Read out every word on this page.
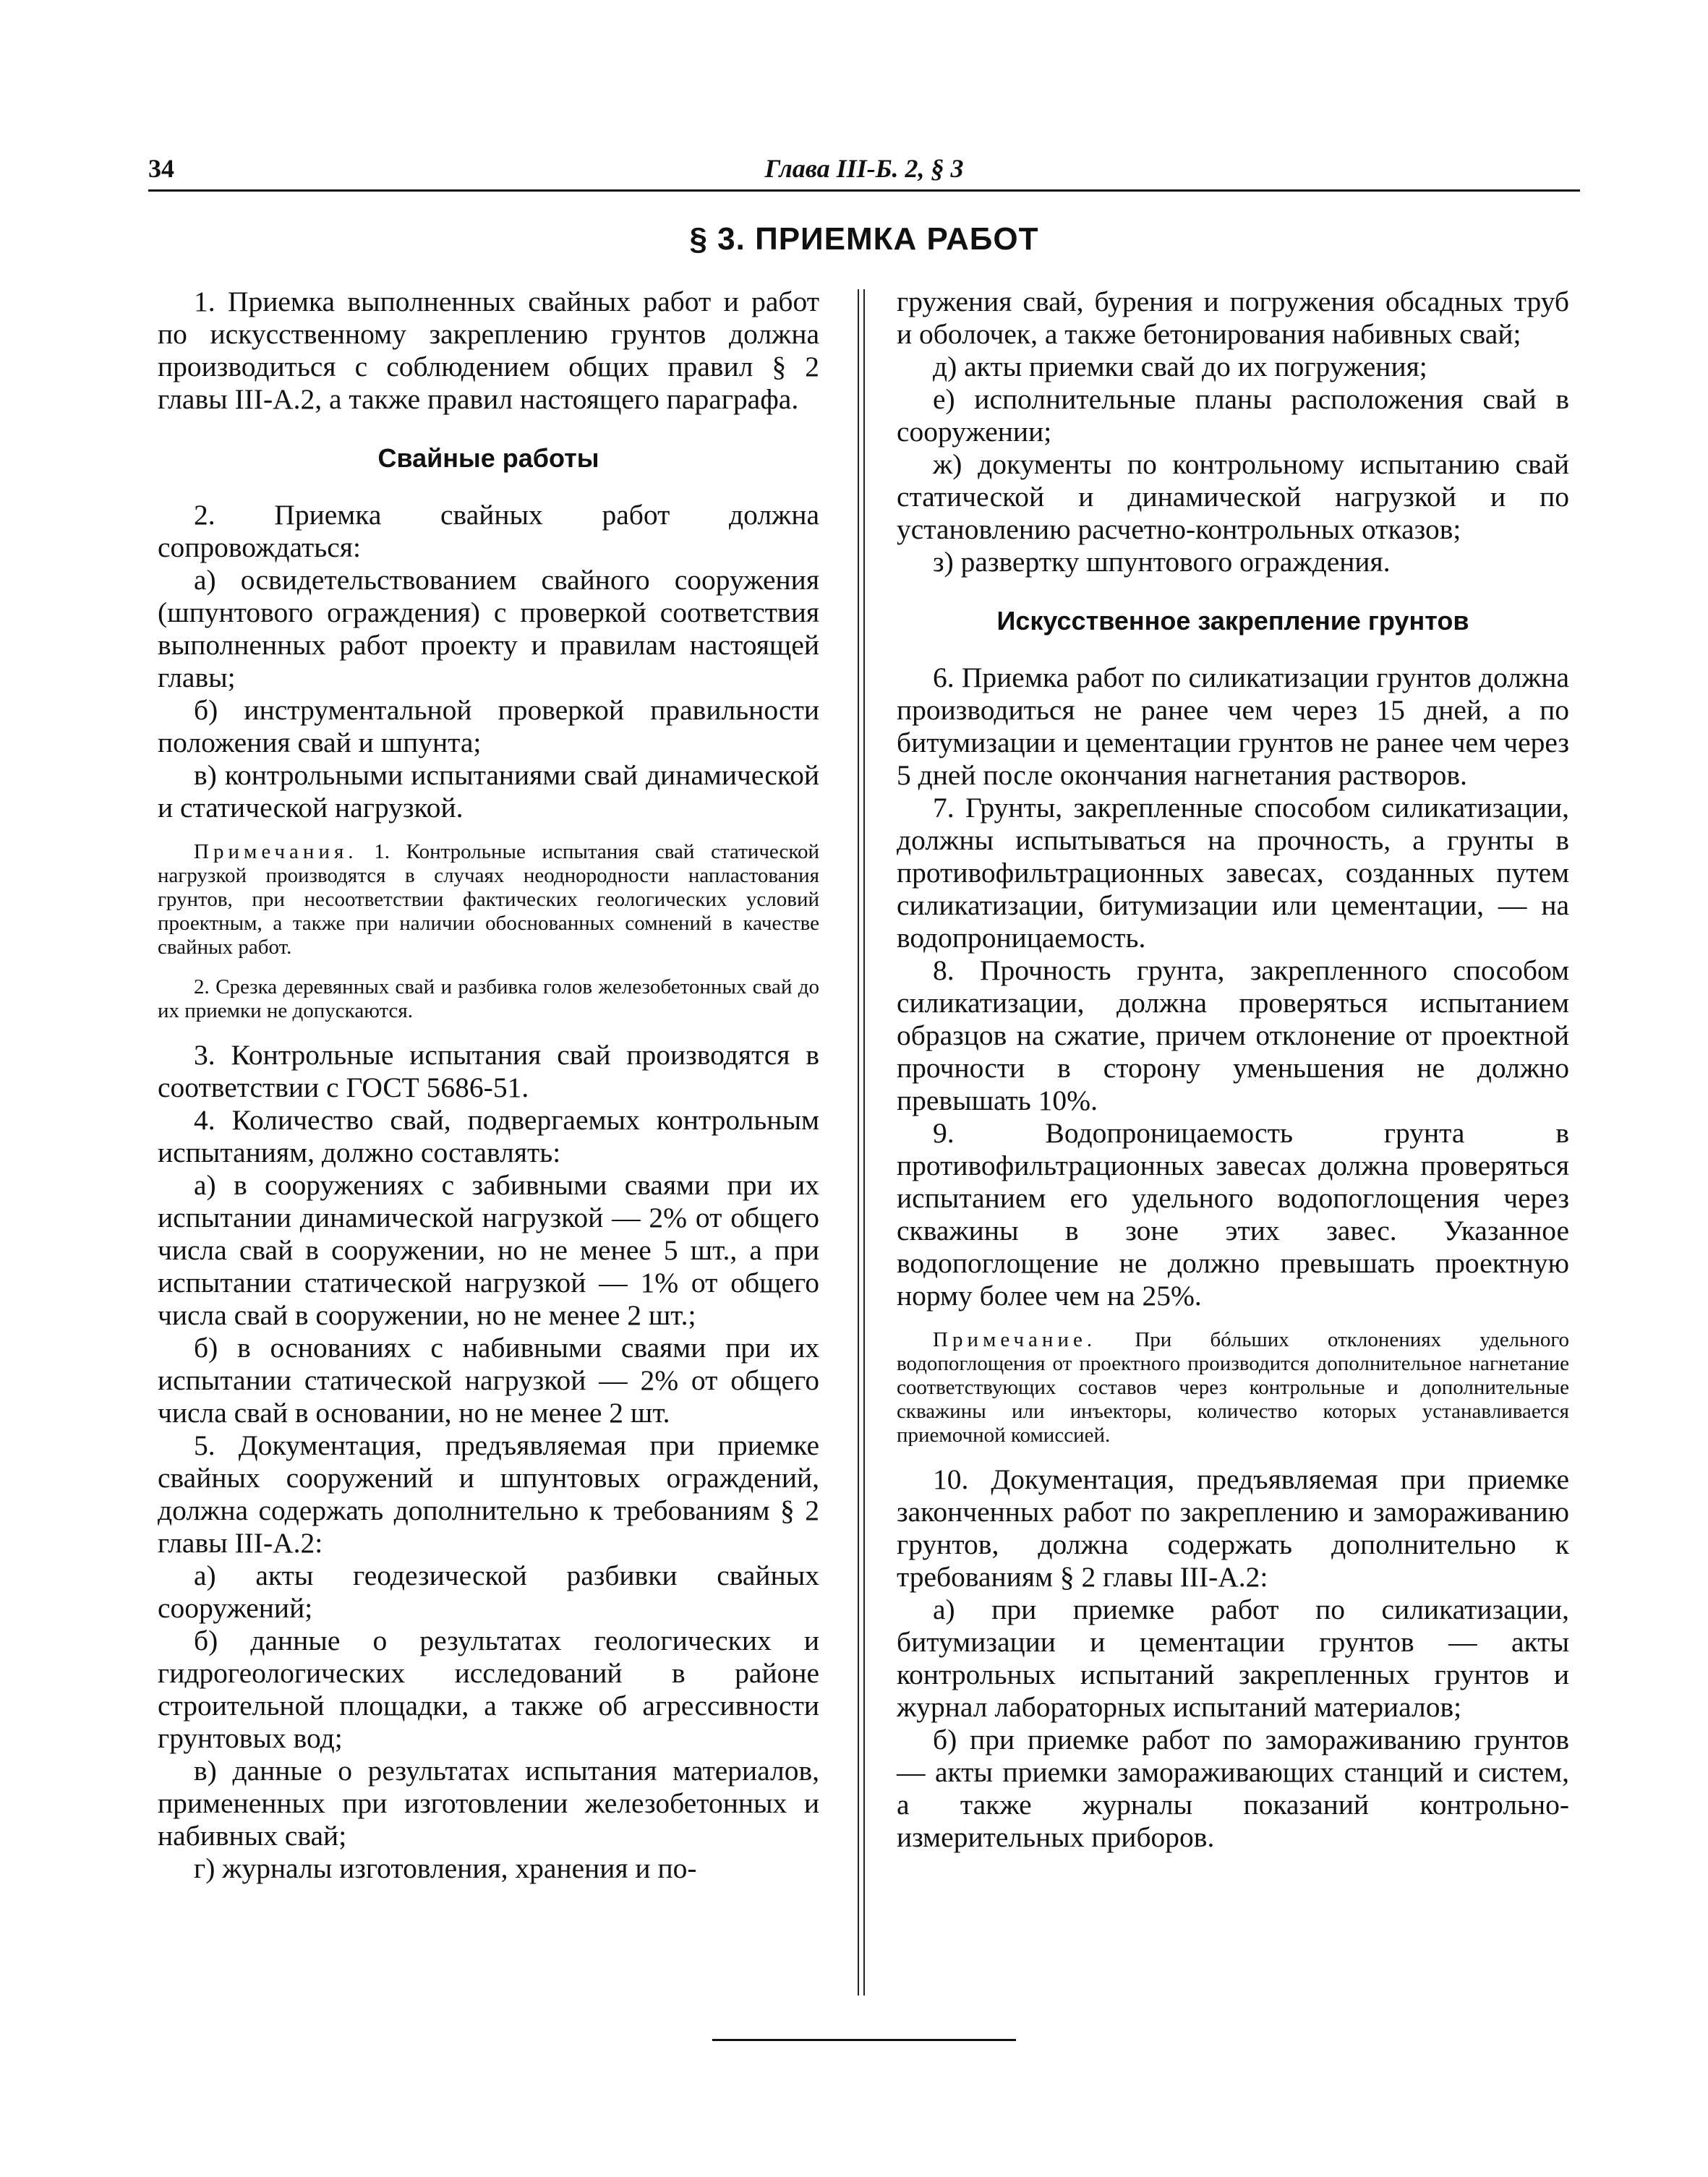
34	Глава III-Б. 2, § 3
§ 3. ПРИЕМКА РАБОТ

1. Приемка выполненных свайных работ и работ по искусственному закреплению грунтов должна производиться с соблюдением общих правил § 2 главы III-А.2, а также правил настоящего параграфа.

Свайные работы

2. Приемка свайных работ должна сопровождаться:

а) освидетельствованием свайного сооружения (шпунтового ограждения) с проверкой соответствия выполненных работ проекту и правилам настоящей главы;

б) инструментальной проверкой правильности положения свай и шпунта;

в) контрольными испытаниями свай динамической и статической нагрузкой.

Примечания. 1. Контрольные испытания свай статической нагрузкой производятся в случаях неоднородности напластования грунтов, при несоответствии фактических геологических условий проектным, а также при наличии обоснованных сомнений в качестве свайных работ.

2. Срезка деревянных свай и разбивка голов железобетонных свай до их приемки не допускаются.

3. Контрольные испытания свай производятся в соответствии с ГОСТ 5686-51.

4. Количество свай, подвергаемых контрольным испытаниям, должно составлять:

а) в сооружениях с забивными сваями при их испытании динамической нагрузкой — 2% от общего числа свай в сооружении, но не менее 5 шт., а при испытании статической нагрузкой — 1% от общего числа свай в сооружении, но не менее 2 шт.;

б) в основаниях с набивными сваями при их испытании статической нагрузкой — 2% от общего числа свай в основании, но не менее 2 шт.

5. Документация, предъявляемая при приемке свайных сооружений и шпунтовых ограждений, должна содержать дополнительно к требованиям § 2 главы III-А.2:

а) акты геодезической разбивки свайных сооружений;

б) данные о результатах геологических и гидрогеологических исследований в районе строительной площадки, а также об агрессивности грунтовых вод;

в) данные о результатах испытания материалов, примененных при изготовлении железобетонных и набивных свай;

г) журналы изготовления, хранения и по-

гружения свай, бурения и погружения обсадных труб и оболочек, а также бетонирования набивных свай;

д) акты приемки свай до их погружения;

е) исполнительные планы расположения свай в сооружении;

ж) документы по контрольному испытанию свай статической и динамической нагрузкой и по установлению расчетно-контрольных отказов;

з) развертку шпунтового ограждения.

Искусственное закрепление грунтов

6. Приемка работ по силикатизации грунтов должна производиться не ранее чем через 15 дней, а по битумизации и цементации грунтов не ранее чем через 5 дней после окончания нагнетания растворов.

7. Грунты, закрепленные способом силикатизации, должны испытываться на прочность, а грунты в противофильтрационных завесах, созданных путем силикатизации, битумизации или цементации, — на водопроницаемость.

8. Прочность грунта, закрепленного способом силикатизации, должна проверяться испытанием образцов на сжатие, причем отклонение от проектной прочности в сторону уменьшения не должно превышать 10%.

9. Водопроницаемость грунта в противофильтрационных завесах должна проверяться испытанием его удельного водопоглощения через скважины в зоне этих завес. Указанное водопоглощение не должно превышать проектную норму более чем на 25%.

Примечание. При бóльших отклонениях удельного водопоглощения от проектного производится дополнительное нагнетание соответствующих составов через контрольные и дополнительные скважины или инъекторы, количество которых устанавливается приемочной комиссией.

10. Документация, предъявляемая при приемке законченных работ по закреплению и замораживанию грунтов, должна содержать дополнительно к требованиям § 2 главы III-А.2:

а) при приемке работ по силикатизации, битумизации и цементации грунтов — акты контрольных испытаний закрепленных грунтов и журнал лабораторных испытаний материалов;

б) при приемке работ по замораживанию грунтов — акты приемки замораживающих станций и систем, а также журналы показаний контрольно-измерительных приборов.
